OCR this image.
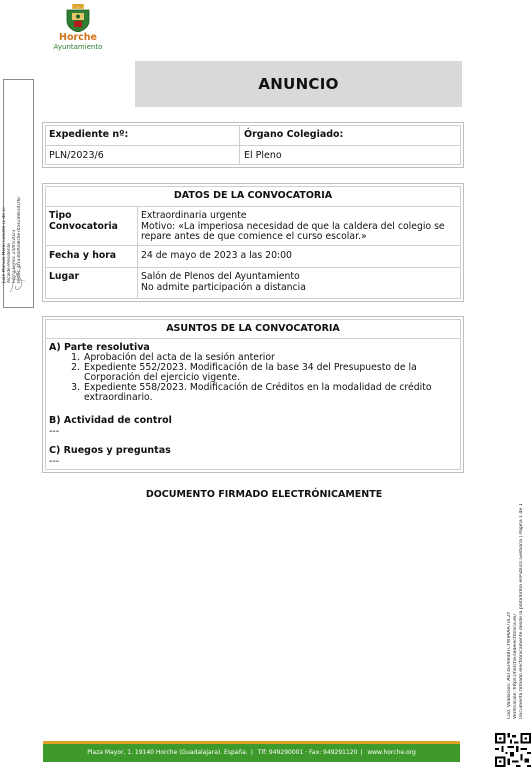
Horche
Ayuntamiento
Juan Manuel Moral Calvete (1 de 1) Alcalde-Presidente Fecha Firma: 24/05/2023 HASH: 4f1a3b8f0d8c6e7b5e2a9b3d1f6c
Cód. Validación: A6T4EP0948TCYW9KAA7DL2Y Verificación: https://horche.sedelectronica.es/ Documento firmado electrónicamente desde la plataforma esPublico Gestiona | Página 1 de 1
ANUNCIO
Expediente nº:
PLN/2023/6
Órgano Colegiado:
El Pleno
DATOS DE LA CONVOCATORIA
Tipo Convocatoria
Extraordinaria urgente
Motivo: «La imperiosa necesidad de que la caldera del colegio se repare antes de que comience el curso escolar.»
Fecha y hora	24 de mayo de 2023 a las 20:00
Lugar	Salón de Plenos del Ayuntamiento
No admite participación a distancia
ASUNTOS DE LA CONVOCATORIA
A) Parte resolutiva
1. Aprobación del acta de la sesión anterior
2. Expediente 552/2023. Modificación de la base 34 del Presupuesto de la Corporación del ejercicio vigente.
3. Expediente 558/2023. Modificación de Créditos en la modalidad de crédito extraordinario.
B) Actividad de control
---
C) Ruegos y preguntas
---
DOCUMENTO FIRMADO ELECTRÓNICAMENTE
Plaza Mayor, 1. 19140 Horche (Guadalajara). España. | Tlf: 949290001 · Fax: 949291120 | www.horche.org
